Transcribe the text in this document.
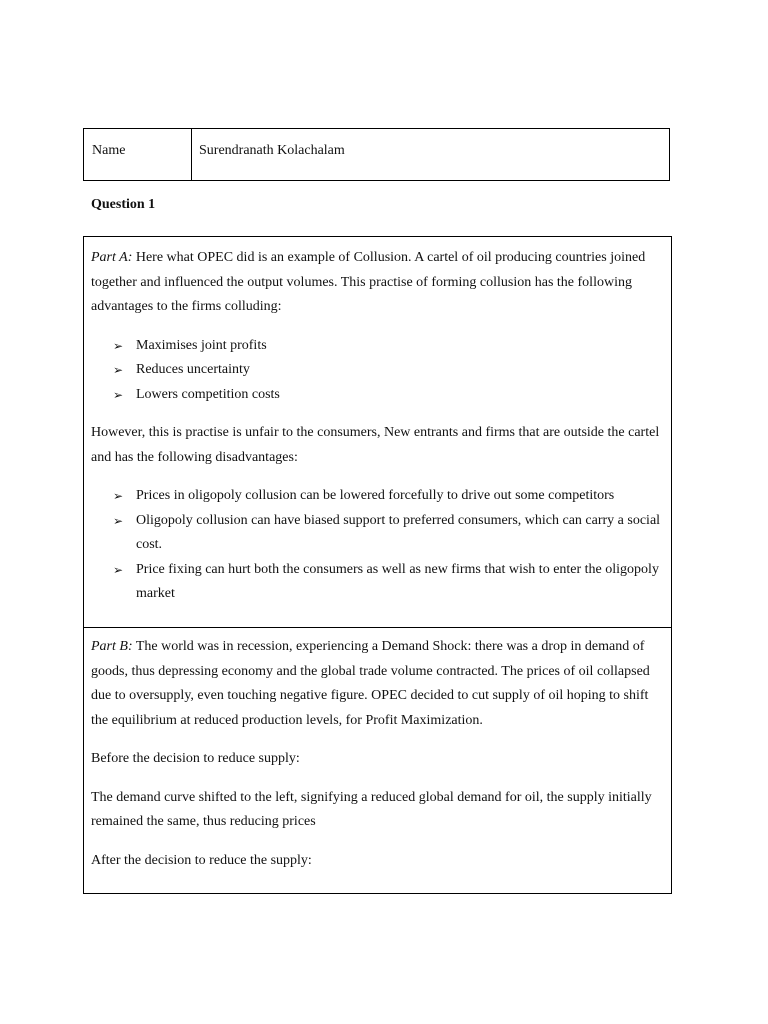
Name	Surendranath Kolachalam
Question 1

Part A: Here what OPEC did is an example of Collusion. A cartel of oil producing countries joined together and influenced the output volumes. This practise of forming collusion has the following advantages to the firms colluding:

➢ Maximises joint profits
➢ Reduces uncertainty
➢ Lowers competition costs

However, this is practise is unfair to the consumers, New entrants and firms that are outside the cartel and has the following disadvantages:

➢ Prices in oligopoly collusion can be lowered forcefully to drive out some competitors
➢ Oligopoly collusion can have biased support to preferred consumers, which can carry a social cost.
➢ Price fixing can hurt both the consumers as well as new firms that wish to enter the oligopoly market

Part B: The world was in recession, experiencing a Demand Shock: there was a drop in demand of goods, thus depressing economy and the global trade volume contracted. The prices of oil collapsed due to oversupply, even touching negative figure. OPEC decided to cut supply of oil hoping to shift the equilibrium at reduced production levels, for Profit Maximization.

Before the decision to reduce supply:

The demand curve shifted to the left, signifying a reduced global demand for oil, the supply initially remained the same, thus reducing prices

After the decision to reduce the supply:
